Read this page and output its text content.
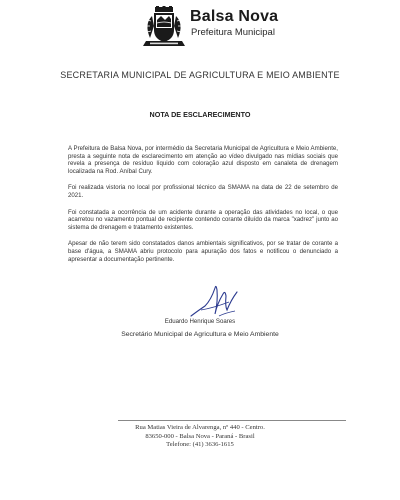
Balsa Nova
Prefeitura Municipal
SECRETARIA MUNICIPAL DE AGRICULTURA E MEIO AMBIENTE
NOTA DE ESCLARECIMENTO

A Prefeitura de Balsa Nova, por intermédio da Secretaria Municipal de Agricultura e Meio Ambiente, presta a seguinte nota de esclarecimento em atenção ao vídeo divulgado nas mídias sociais que revela a presença de resíduo líquido com coloração azul disposto em canaleta de drenagem localizada na Rod. Aníbal Cury.

Foi realizada vistoria no local por profissional técnico da SMAMA na data de 22 de setembro de 2021.

Foi constatada a ocorrência de um acidente durante a operação das atividades no local, o que acarretou no vazamento pontual de recipiente contendo corante diluído da marca "xadrez" junto ao sistema de drenagem e tratamento existentes.

Apesar de não terem sido constatados danos ambientais significativos, por se tratar de corante a base d'água, a SMAMA abriu protocolo para apuração dos fatos e notificou o denunciado a apresentar a documentação pertinente.

Eduardo Henrique Soares
Secretário Municipal de Agricultura e Meio Ambiente
Rua Matias Vieira de Alvarenga, nº 440 - Centro.
83650-000 - Balsa Nova - Paraná - Brasil
Telefone: (41) 3636-1615
